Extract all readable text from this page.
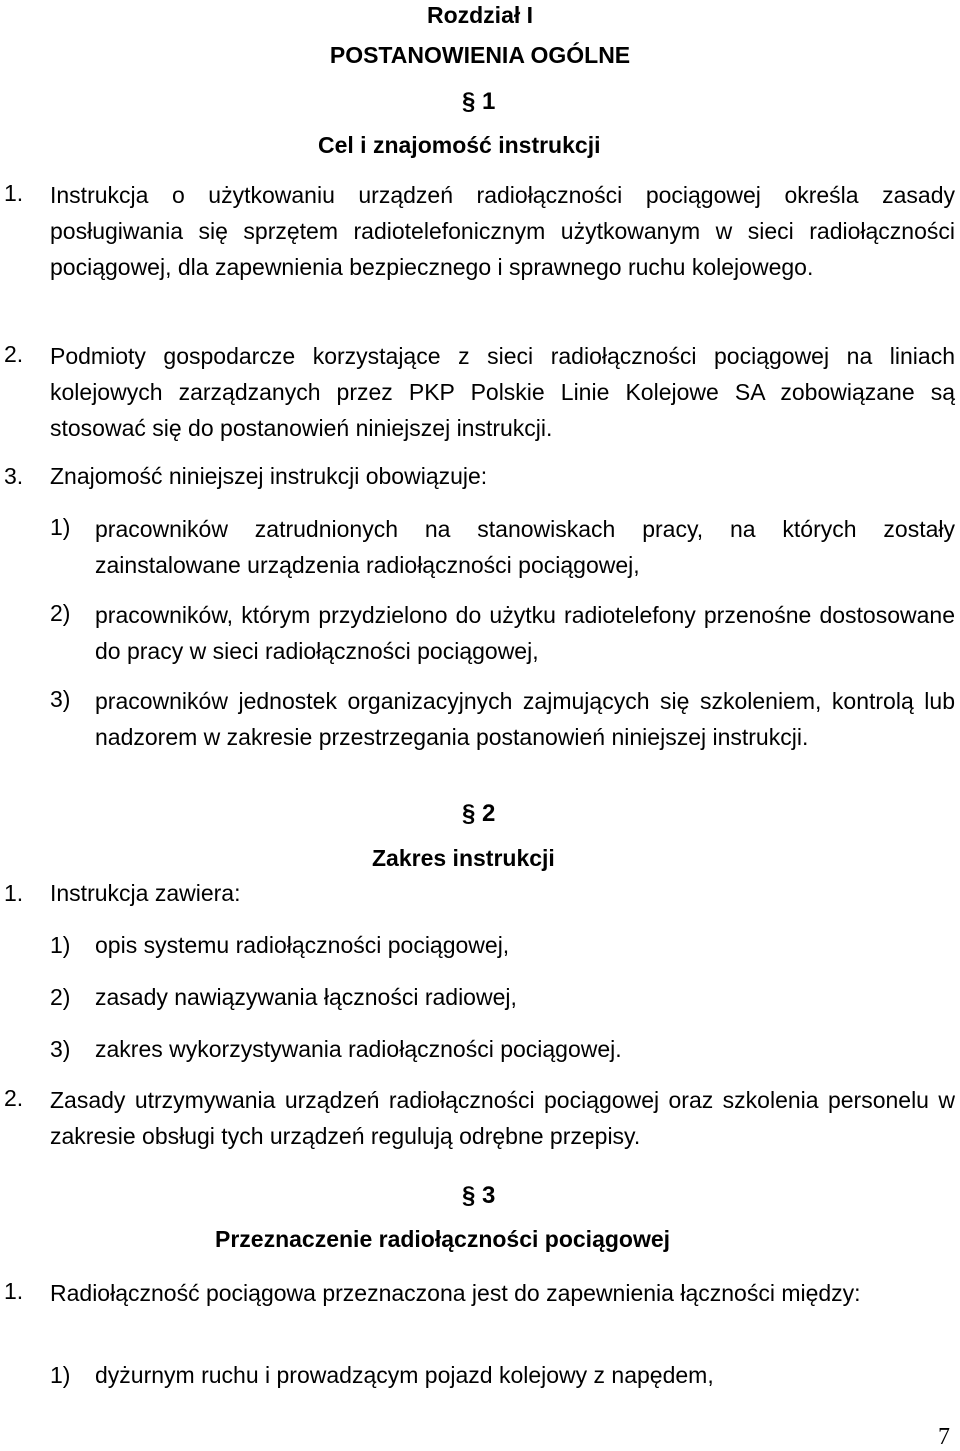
Rozdział I
POSTANOWIENIA OGÓLNE
§ 1
Cel i znajomość instrukcji
1. Instrukcja o użytkowaniu urządzeń radiołączności pociągowej określa zasady posługiwania się sprzętem radiotelefonicznym użytkowanym w sieci radiołączności pociągowej, dla zapewnienia bezpiecznego i sprawnego ruchu kolejowego.
2. Podmioty gospodarcze korzystające z sieci radiołączności pociągowej na liniach kolejowych zarządzanych przez PKP Polskie Linie Kolejowe SA zobowiązane są stosować się do postanowień niniejszej instrukcji.
3. Znajomość niniejszej instrukcji obowiązuje:
1) pracowników zatrudnionych na stanowiskach pracy, na których zostały zainstalowane urządzenia radiołączności pociągowej,
2) pracowników, którym przydzielono do użytku radiotelefony przenośne dostosowane do pracy w sieci radiołączności pociągowej,
3) pracowników jednostek organizacyjnych zajmujących się szkoleniem, kontrolą lub nadzorem w zakresie przestrzegania postanowień niniejszej instrukcji.
§ 2
Zakres instrukcji
1. Instrukcja zawiera:
1) opis systemu radiołączności pociągowej,
2) zasady nawiązywania łączności radiowej,
3) zakres wykorzystywania radiołączności pociągowej.
2. Zasady utrzymywania urządzeń radiołączności pociągowej oraz szkolenia personelu w zakresie obsługi tych urządzeń regulują odrębne przepisy.
§ 3
Przeznaczenie radiołączności pociągowej
1. Radiołączność pociągowa przeznaczona jest do zapewnienia łączności między:
1) dyżurnym ruchu i prowadzącym pojazd kolejowy z napędem,
7
